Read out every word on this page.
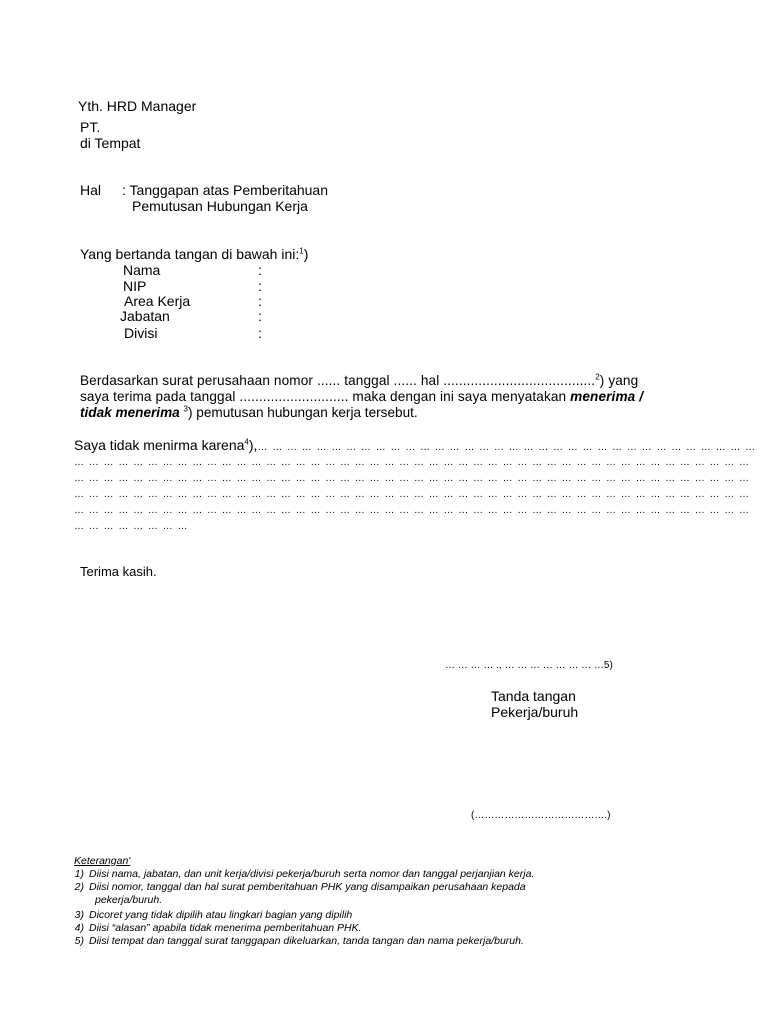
Yth. HRD Manager
PT.
di Tempat
Hal : Tanggapan atas Pemberitahuan
Pemutusan Hubungan Kerja
Yang bertanda tangan di bawah ini:$^1$)
Nama	:
NIP	:
Area Kerja	:
Jabatan	:
Divisi	:
Berdasarkan surat perusahaan nomor ...... tanggal ...... hal .......................................$^2$) yang
saya terima pada tanggal ............................ maka dengan ini saya menyatakan menerima /
tidak menerima $^3$) pemutusan hubungan kerja tersebut.
Saya tidak menirma karena$^4$),… … … … … … … … … … … … … … … … … … … … … … … … … … … … … … … … … …
… … … … … … … … … … … … … … … … … … … … … … … … … … … … … … … … … … … … … … … … … … … … … …
… … … … … … … … … … … … … … … … … … … … … … … … … … … … … … … … … … … … … … … … … … … … … …
… … … … … … … … … … … … … … … … … … … … … … … … … … … … … … … … … … … … … … … … … … … … … …
… … … … … … … … … … … … … … … … … … … … … … … … … … … … … … … … … … … … … … … … … … … … … …
… … … … … … … …
Terima kasih.
… … … … ., … … … … … … … …5)
Tanda tangan
Pekerja/buruh
(………………………………….)
Keterangan'
1) Diisi nama, jabatan, dan unit kerja/divisi pekerja/buruh serta nomor dan tanggal perjanjian kerja.
2) Diisi nomor, tanggal dan hal surat pemberitahuan PHK yang disampaikan perusahaan kepada
pekerja/buruh.
3) Dicoret yang tidak dipilih atau lingkari bagian yang dipilih
4) Diisi “alasan” apabila tidak menerima pemberitahuan PHK.
5) Diisi tempat dan tanggal surat tanggapan dikeluarkan, tanda tangan dan nama pekerja/buruh.
